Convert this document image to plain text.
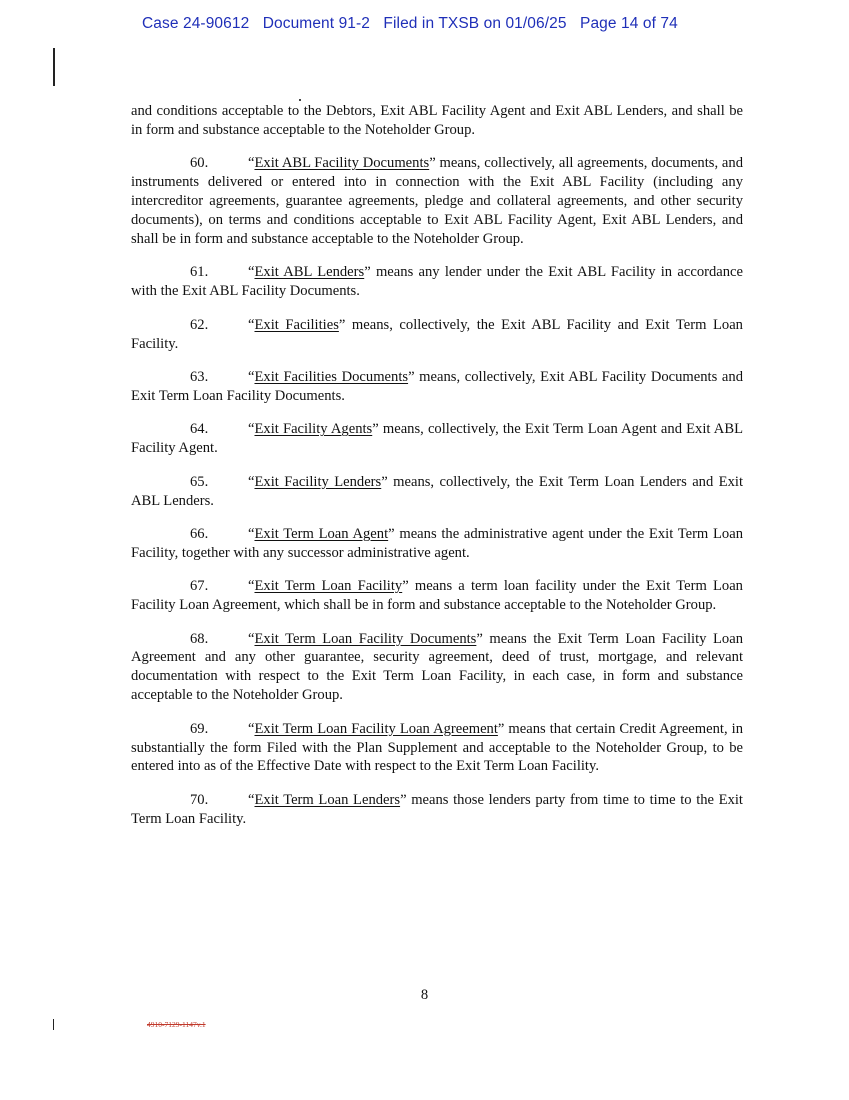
Case 24-90612 Document 91-2 Filed in TXSB on 01/06/25 Page 14 of 74

and conditions acceptable to the Debtors, Exit ABL Facility Agent and Exit ABL Lenders, and shall be in form and substance acceptable to the Noteholder Group.

60.	“Exit ABL Facility Documents” means, collectively, all agreements, documents, and instruments delivered or entered into in connection with the Exit ABL Facility (including any intercreditor agreements, guarantee agreements, pledge and collateral agreements, and other security documents), on terms and conditions acceptable to Exit ABL Facility Agent, Exit ABL Lenders, and shall be in form and substance acceptable to the Noteholder Group.

61.	“Exit ABL Lenders” means any lender under the Exit ABL Facility in accordance with the Exit ABL Facility Documents.

62.	“Exit Facilities” means, collectively, the Exit ABL Facility and Exit Term Loan Facility.

63.	“Exit Facilities Documents” means, collectively, Exit ABL Facility Documents and Exit Term Loan Facility Documents.

64.	“Exit Facility Agents” means, collectively, the Exit Term Loan Agent and Exit ABL Facility Agent.

65.	“Exit Facility Lenders” means, collectively, the Exit Term Loan Lenders and Exit ABL Lenders.

66.	“Exit Term Loan Agent” means the administrative agent under the Exit Term Loan Facility, together with any successor administrative agent.

67.	“Exit Term Loan Facility” means a term loan facility under the Exit Term Loan Facility Loan Agreement, which shall be in form and substance acceptable to the Noteholder Group.

68.	“Exit Term Loan Facility Documents” means the Exit Term Loan Facility Loan Agreement and any other guarantee, security agreement, deed of trust, mortgage, and relevant documentation with respect to the Exit Term Loan Facility, in each case, in form and substance acceptable to the Noteholder Group.

69.	“Exit Term Loan Facility Loan Agreement” means that certain Credit Agreement, in substantially the form Filed with the Plan Supplement and acceptable to the Noteholder Group, to be entered into as of the Effective Date with respect to the Exit Term Loan Facility.

70.	“Exit Term Loan Lenders” means those lenders party from time to time to the Exit Term Loan Facility.

8
4910-7129-1147v.1
